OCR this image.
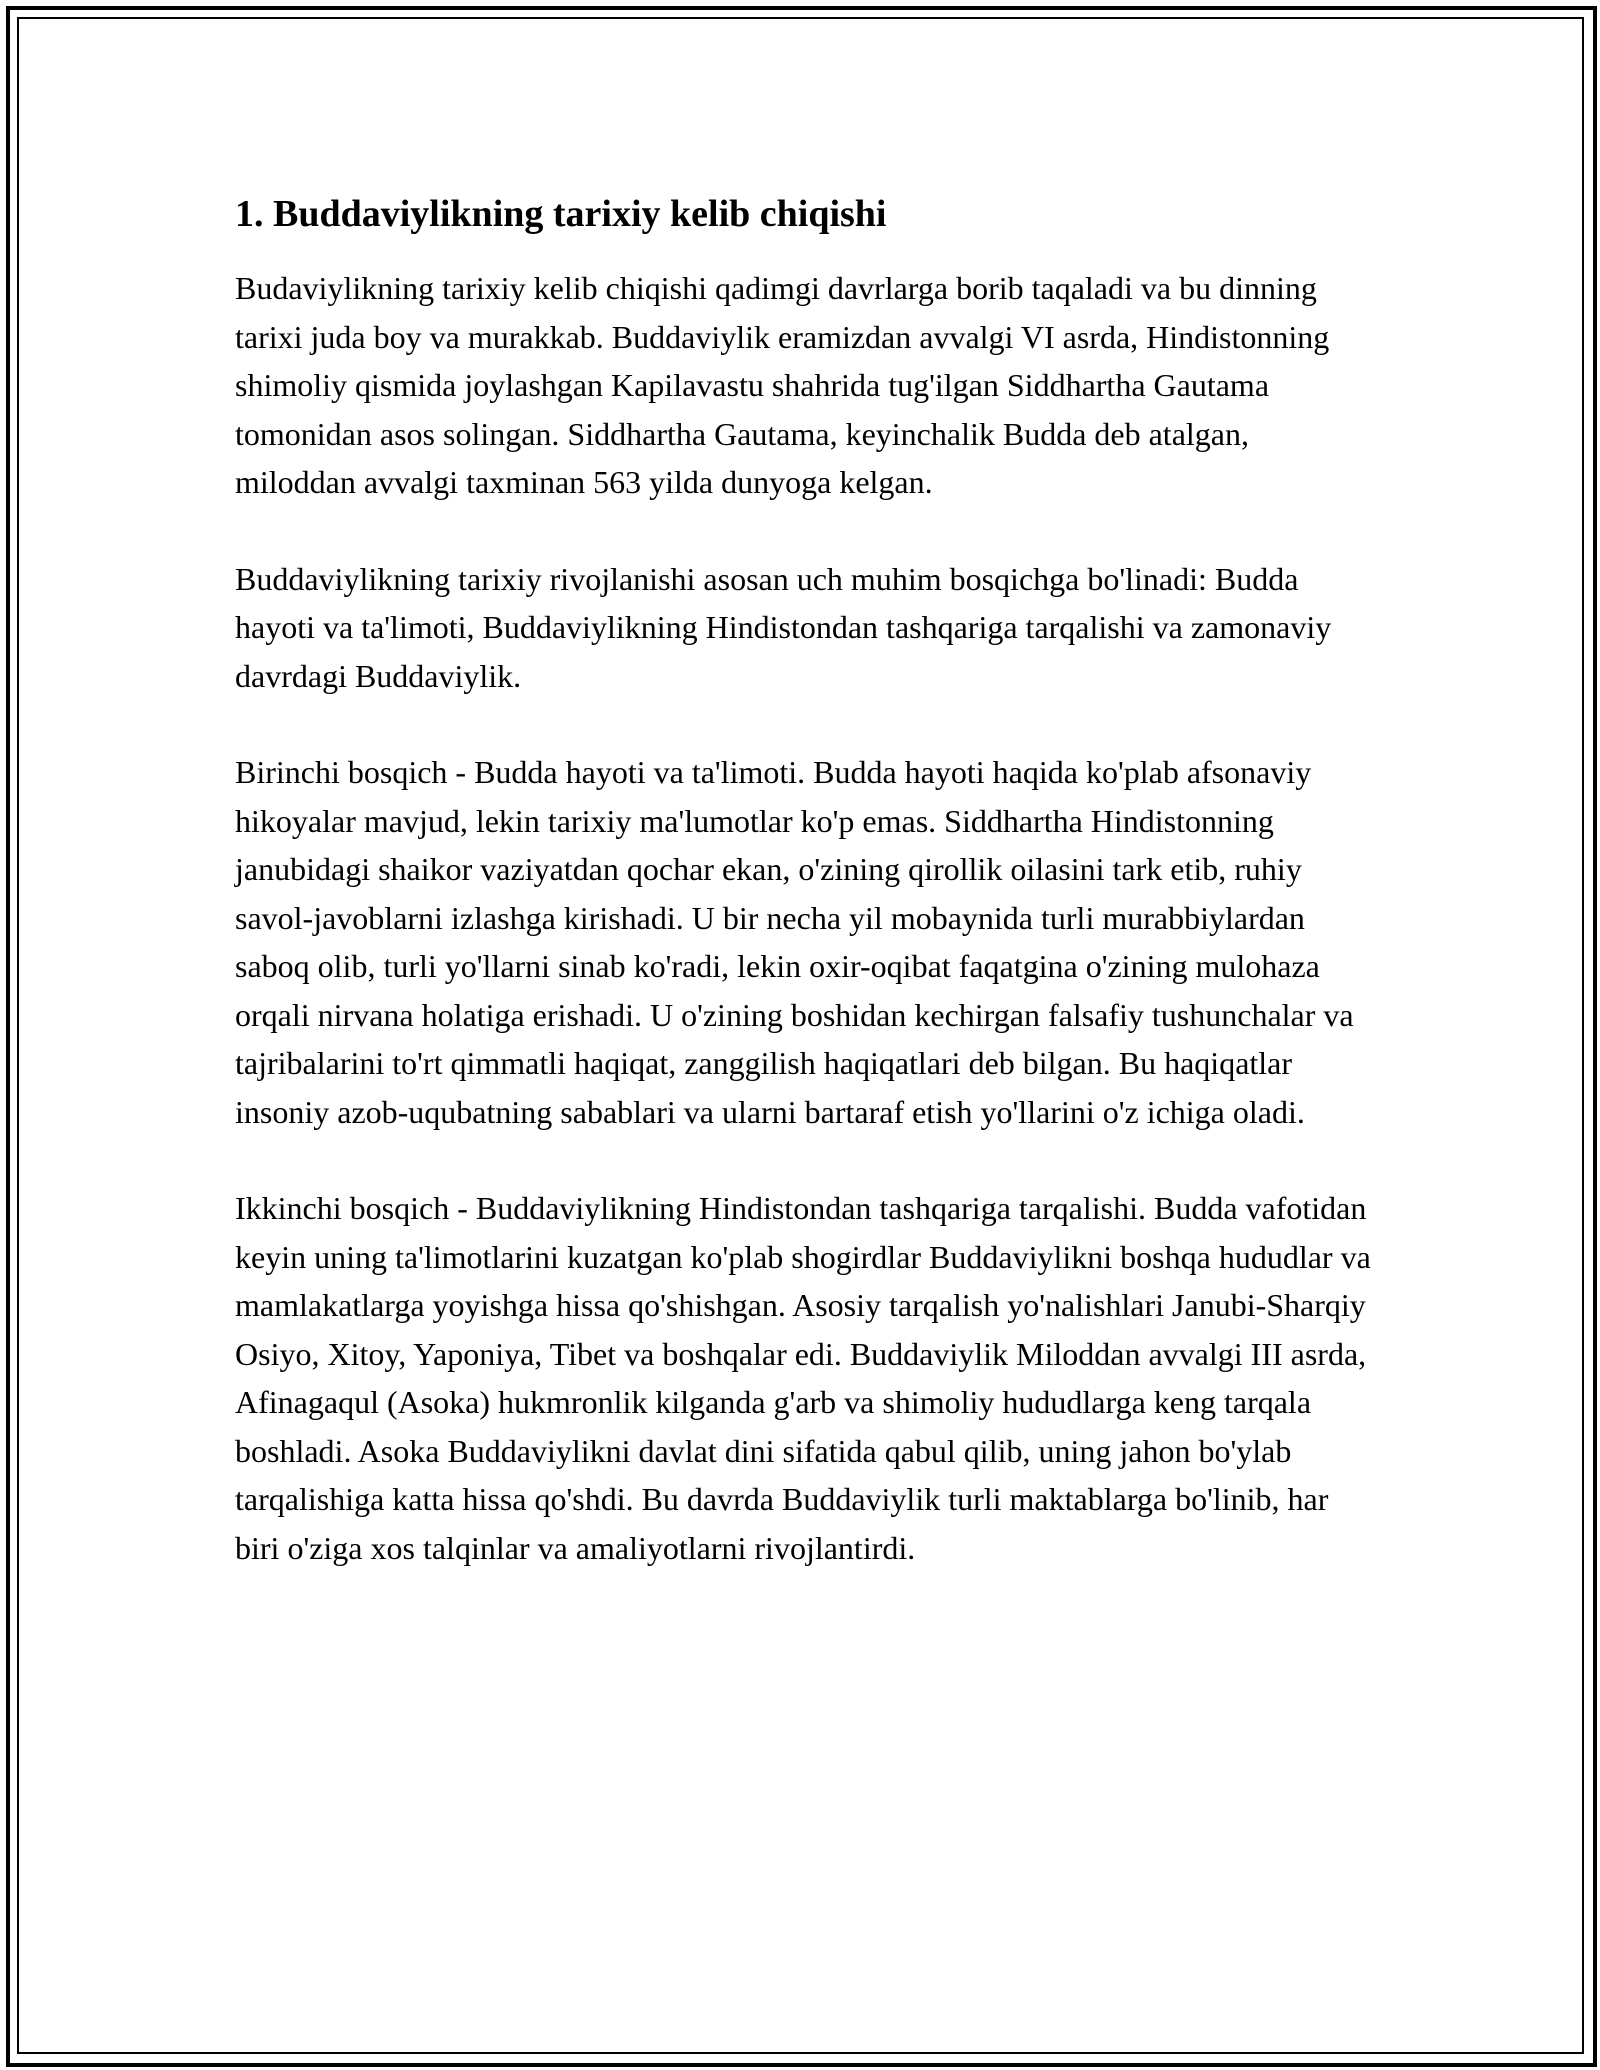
1. Buddaviylikning tarixiy kelib chiqishi

Budaviylikning tarixiy kelib chiqishi qadimgi davrlarga borib taqaladi va bu dinning tarixi juda boy va murakkab. Buddaviylik eramizdan avvalgi VI asrda, Hindistonning shimoliy qismida joylashgan Kapilavastu shahrida tug'ilgan Siddhartha Gautama tomonidan asos solingan. Siddhartha Gautama, keyinchalik Budda deb atalgan, miloddan avvalgi taxminan 563 yilda dunyoga kelgan.

Buddaviylikning tarixiy rivojlanishi asosan uch muhim bosqichga bo'linadi: Budda hayoti va ta'limoti, Buddaviylikning Hindistondan tashqariga tarqalishi va zamonaviy davrdagi Buddaviylik.

Birinchi bosqich - Budda hayoti va ta'limoti. Budda hayoti haqida ko'plab afsonaviy hikoyalar mavjud, lekin tarixiy ma'lumotlar ko'p emas. Siddhartha Hindistonning janubidagi shaikor vaziyatdan qochar ekan, o'zining qirollik oilasini tark etib, ruhiy savol-javoblarni izlashga kirishadi. U bir necha yil mobaynida turli murabbiylardan saboq olib, turli yo'llarni sinab ko'radi, lekin oxir-oqibat faqatgina o'zining mulohaza orqali nirvana holatiga erishadi. U o'zining boshidan kechirgan falsafiy tushunchalar va tajribalarini to'rt qimmatli haqiqat, zanggilish haqiqatlari deb bilgan. Bu haqiqatlar insoniy azob-uqubatning sabablari va ularni bartaraf etish yo'llarini o'z ichiga oladi.

Ikkinchi bosqich - Buddaviylikning Hindistondan tashqariga tarqalishi. Budda vafotidan keyin uning ta'limotlarini kuzatgan ko'plab shogirdlar Buddaviylikni boshqa hududlar va mamlakatlarga yoyishga hissa qo'shishgan. Asosiy tarqalish yo'nalishlari Janubi-Sharqiy Osiyo, Xitoy, Yaponiya, Tibet va boshqalar edi. Buddaviylik Miloddan avvalgi III asrda, Afinagaqul (Asoka) hukmronlik kilganda g'arb va shimoliy hududlarga keng tarqala boshladi. Asoka Buddaviylikni davlat dini sifatida qabul qilib, uning jahon bo'ylab tarqalishiga katta hissa qo'shdi. Bu davrda Buddaviylik turli maktablarga bo'linib, har biri o'ziga xos talqinlar va amaliyotlarni rivojlantirdi.
